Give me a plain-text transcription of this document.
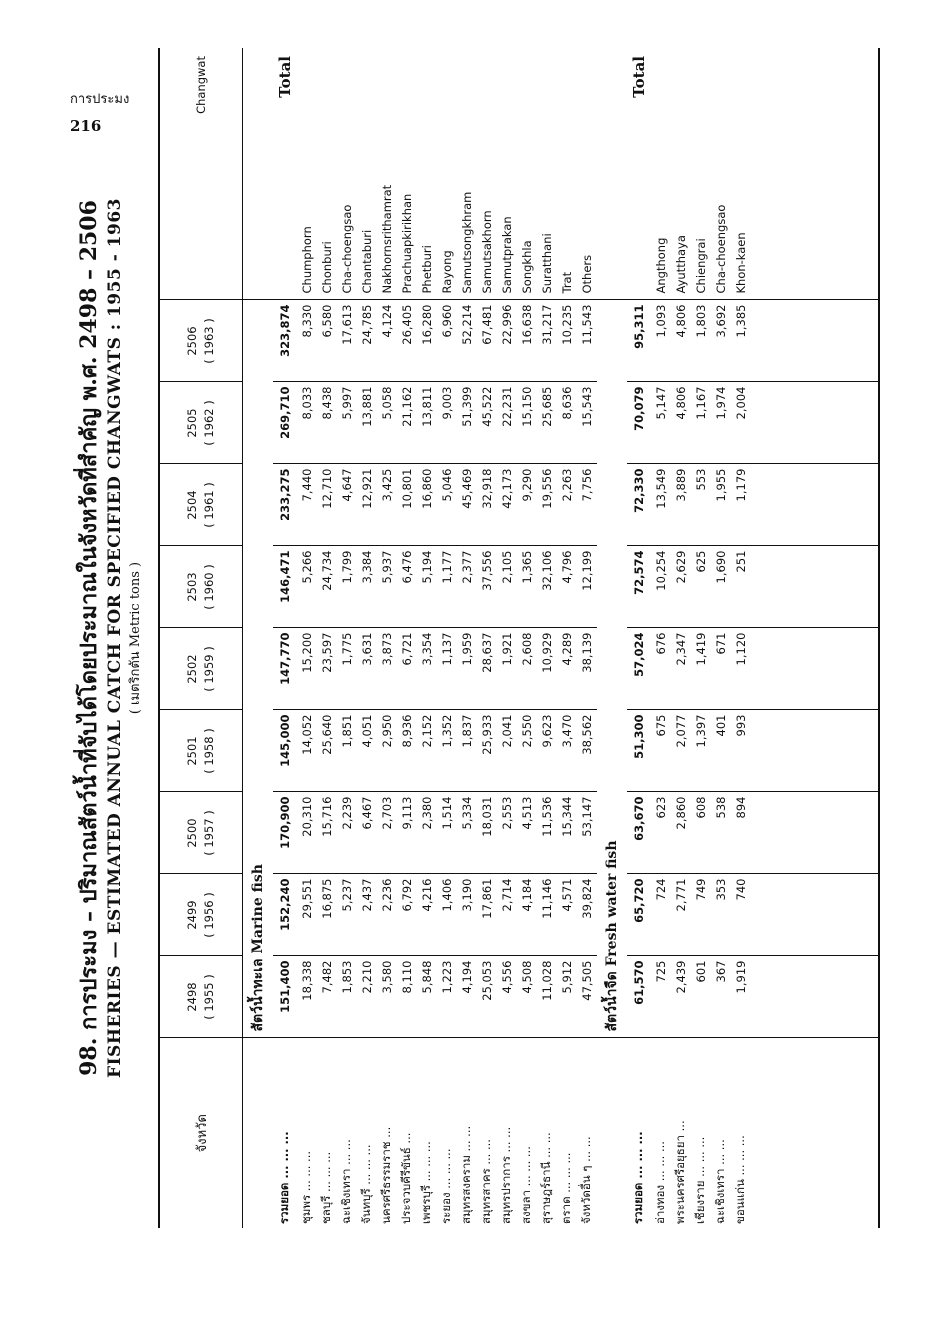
การประมง
216
98. การประมง – ปริมาณสัตว์น้ำที่จับได้โดยประมาณในจังหวัดที่สำคัญ พ.ศ. 2498 – 2506 FISHERIES — ESTIMATED ANNUAL CATCH FOR SPECIFIED CHANGWATS : 1955 - 1963 ( เมตริกตัน Metric tons )
จังหวัด	2498 ( 1955 )	2499 ( 1956 )	2500 ( 1957 )	2501 ( 1958 )	2502 ( 1959 )	2503 ( 1960 )	2504 ( 1961 )	2505 ( 1962 )	2506 ( 1963 )	Changwat
	สัตว์น้ำทะเล Marine fish									
รวมยอด ... ... ...	151,400	152,240	170,900	145,000	147,770	146,471	233,275	269,710	323,874	Total
ชุมพร ... ... ...	18,338	29,551	20,310	14,052	15,200	5,266	7,440	8,033	8,330	Chumphorn
ชลบุรี ... ... ...	7,482	16,875	15,716	25,640	23,597	24,734	12,710	8,438	6,580	Chonburi
ฉะเชิงเทรา ... ...	1,853	5,237	2,239	1,851	1,775	1,799	4,647	5,997	17,613	Cha-choengsao
จันทบุรี ... ... ...	2,210	2,437	6,467	4,051	3,631	3,384	12,921	13,881	24,785	Chantaburi
นครศรีธรรมราช ...	3,580	2,236	2,703	2,950	3,873	5,937	3,425	5,058	4,124	Nakhornsrithamrat
ประจวบคีรีขันธ์ ...	8,110	6,792	9,113	8,936	6,721	6,476	10,801	21,162	26,405	Prachuapkirikhan
เพชรบุรี ... ... ...	5,848	4,216	2,380	2,152	3,354	5,194	16,860	13,811	16,280	Phetburi
ระยอง ... ... ...	1,223	1,406	1,514	1,352	1,137	1,177	5,046	9,003	6,960	Rayong
สมุทรสงคราม ... ...	4,194	3,190	5,334	1,837	1,959	2,377	45,469	51,399	52,214	Samutsongkhram
สมุทรสาคร ... ...	25,053	17,861	18,031	25,933	28,637	37,556	32,918	45,522	67,481	Samutsakhorn
สมุทรปราการ ... ...	4,556	2,714	2,553	2,041	1,921	2,105	42,173	22,231	22,996	Samutprakan
สงขลา ... ... ...	4,508	4,184	4,513	2,550	2,608	1,365	9,290	15,150	16,638	Songkhla
สุราษฎร์ธานี ... ...	11,028	11,146	11,536	9,623	10,929	32,106	19,556	25,685	31,217	Suratthani
ตราด ... ... ...	5,912	4,571	15,344	3,470	4,289	4,796	2,263	8,636	10,235	Trat
จังหวัดอื่น ๆ ... ...	47,505	39,824	53,147	38,562	38,139	12,199	7,756	15,543	11,543	Others
	สัตว์น้ำจืด Fresh water fish									
รวมยอด ... ... ...	61,570	65,720	63,670	51,300	57,024	72,574	72,330	70,079	95,311	Total
อ่างทอง ... ... ...	725	724	623	675	676	10,254	13,549	5,147	1,093	Angthong
พระนครศรีอยุธยา ...	2,439	2,771	2,860	2,077	2,347	2,629	3,889	4,806	4,806	Ayutthaya
เชียงราย ... ... ...	601	749	608	1,397	1,419	625	553	1,167	1,803	Chiengrai
ฉะเชิงเทรา ... ...	367	353	538	401	671	1,690	1,955	1,974	3,692	Cha-choengsao
ขอนแก่น ... ... ...	1,919	740	894	993	1,120	251	1,179	2,004	1,385	Khon-kaen
